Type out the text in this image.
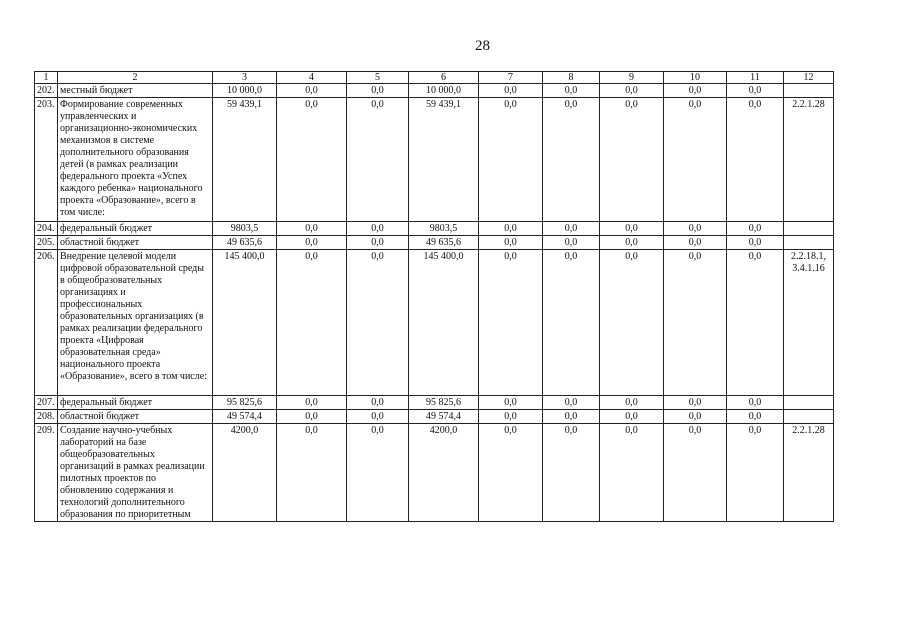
28
1	2	3	4	5	6	7	8	9	10	11	12
202.	местный бюджет	10 000,0	0,0	0,0	10 000,0	0,0	0,0	0,0	0,0	0,0	
203.	Формирование современных управленческих и организационно-экономических механизмов в системе дополнительного образования детей (в рамках реализации федерального проекта «Успех каждого ребенка» национального проекта «Образование», всего в том числе:	59 439,1	0,0	0,0	59 439,1	0,0	0,0	0,0	0,0	0,0	2.2.1.28
204.	федеральный бюджет	9803,5	0,0	0,0	9803,5	0,0	0,0	0,0	0,0	0,0	
205.	областной бюджет	49 635,6	0,0	0,0	49 635,6	0,0	0,0	0,0	0,0	0,0	
206.	Внедрение целевой модели цифровой образовательной среды в общеобразовательных организациях и профессиональных образовательных организациях (в рамках реализации федерального проекта «Цифровая образовательная среда» национального проекта «Образование», всего в том числе:	145 400,0	0,0	0,0	145 400,0	0,0	0,0	0,0	0,0	0,0	2.2.18.1, 3.4.1.16
207.	федеральный бюджет	95 825,6	0,0	0,0	95 825,6	0,0	0,0	0,0	0,0	0,0	
208.	областной бюджет	49 574,4	0,0	0,0	49 574,4	0,0	0,0	0,0	0,0	0,0	
209.	Создание научно-учебных лабораторий на базе общеобразовательных организаций в рамках реализации пилотных проектов по обновлению содержания и технологий дополнительного образования по приоритетным	4200,0	0,0	0,0	4200,0	0,0	0,0	0,0	0,0	0,0	2.2.1.28
